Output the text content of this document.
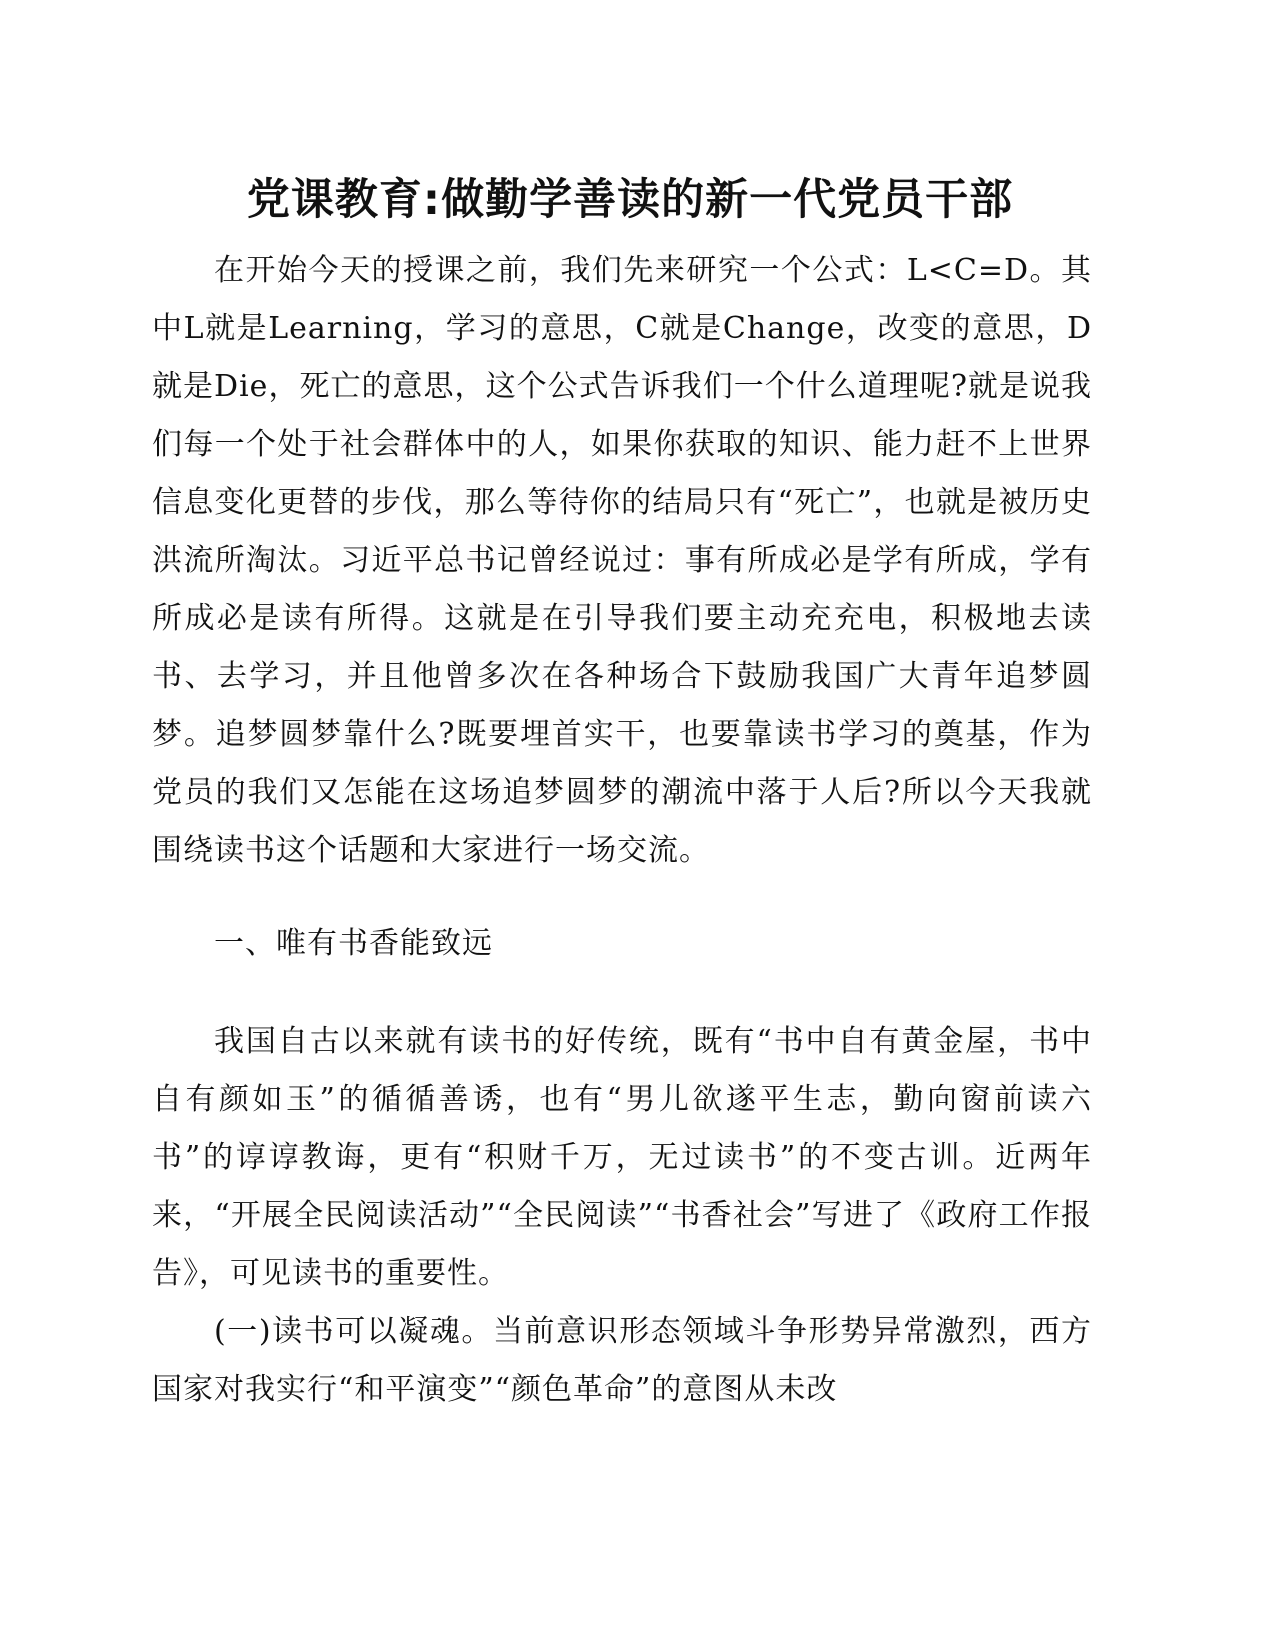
党课教育:做勤学善读的新一代党员干部

在开始今天的授课之前，我们先来研究一个公式：L<C=D。其中L就是Learning，学习的意思，C就是Change，改变的意思，D就是Die，死亡的意思，这个公式告诉我们一个什么道理呢?就是说我们每一个处于社会群体中的人，如果你获取的知识、能力赶不上世界信息变化更替的步伐，那么等待你的结局只有“死亡”，也就是被历史洪流所淘汰。习近平总书记曾经说过：事有所成必是学有所成，学有所成必是读有所得。这就是在引导我们要主动充充电，积极地去读书、去学习，并且他曾多次在各种场合下鼓励我国广大青年追梦圆梦。追梦圆梦靠什么?既要埋首实干，也要靠读书学习的奠基，作为党员的我们又怎能在这场追梦圆梦的潮流中落于人后?所以今天我就围绕读书这个话题和大家进行一场交流。

一、唯有书香能致远

我国自古以来就有读书的好传统，既有“书中自有黄金屋，书中自有颜如玉”的循循善诱，也有“男儿欲遂平生志，勤向窗前读六书”的谆谆教诲，更有“积财千万，无过读书”的不变古训。近两年来，“开展全民阅读活动”“全民阅读”“书香社会”写进了《政府工作报告》，可见读书的重要性。

(一)读书可以凝魂。当前意识形态领域斗争形势异常激烈，西方国家对我实行“和平演变”“颜色革命”的意图从未改
